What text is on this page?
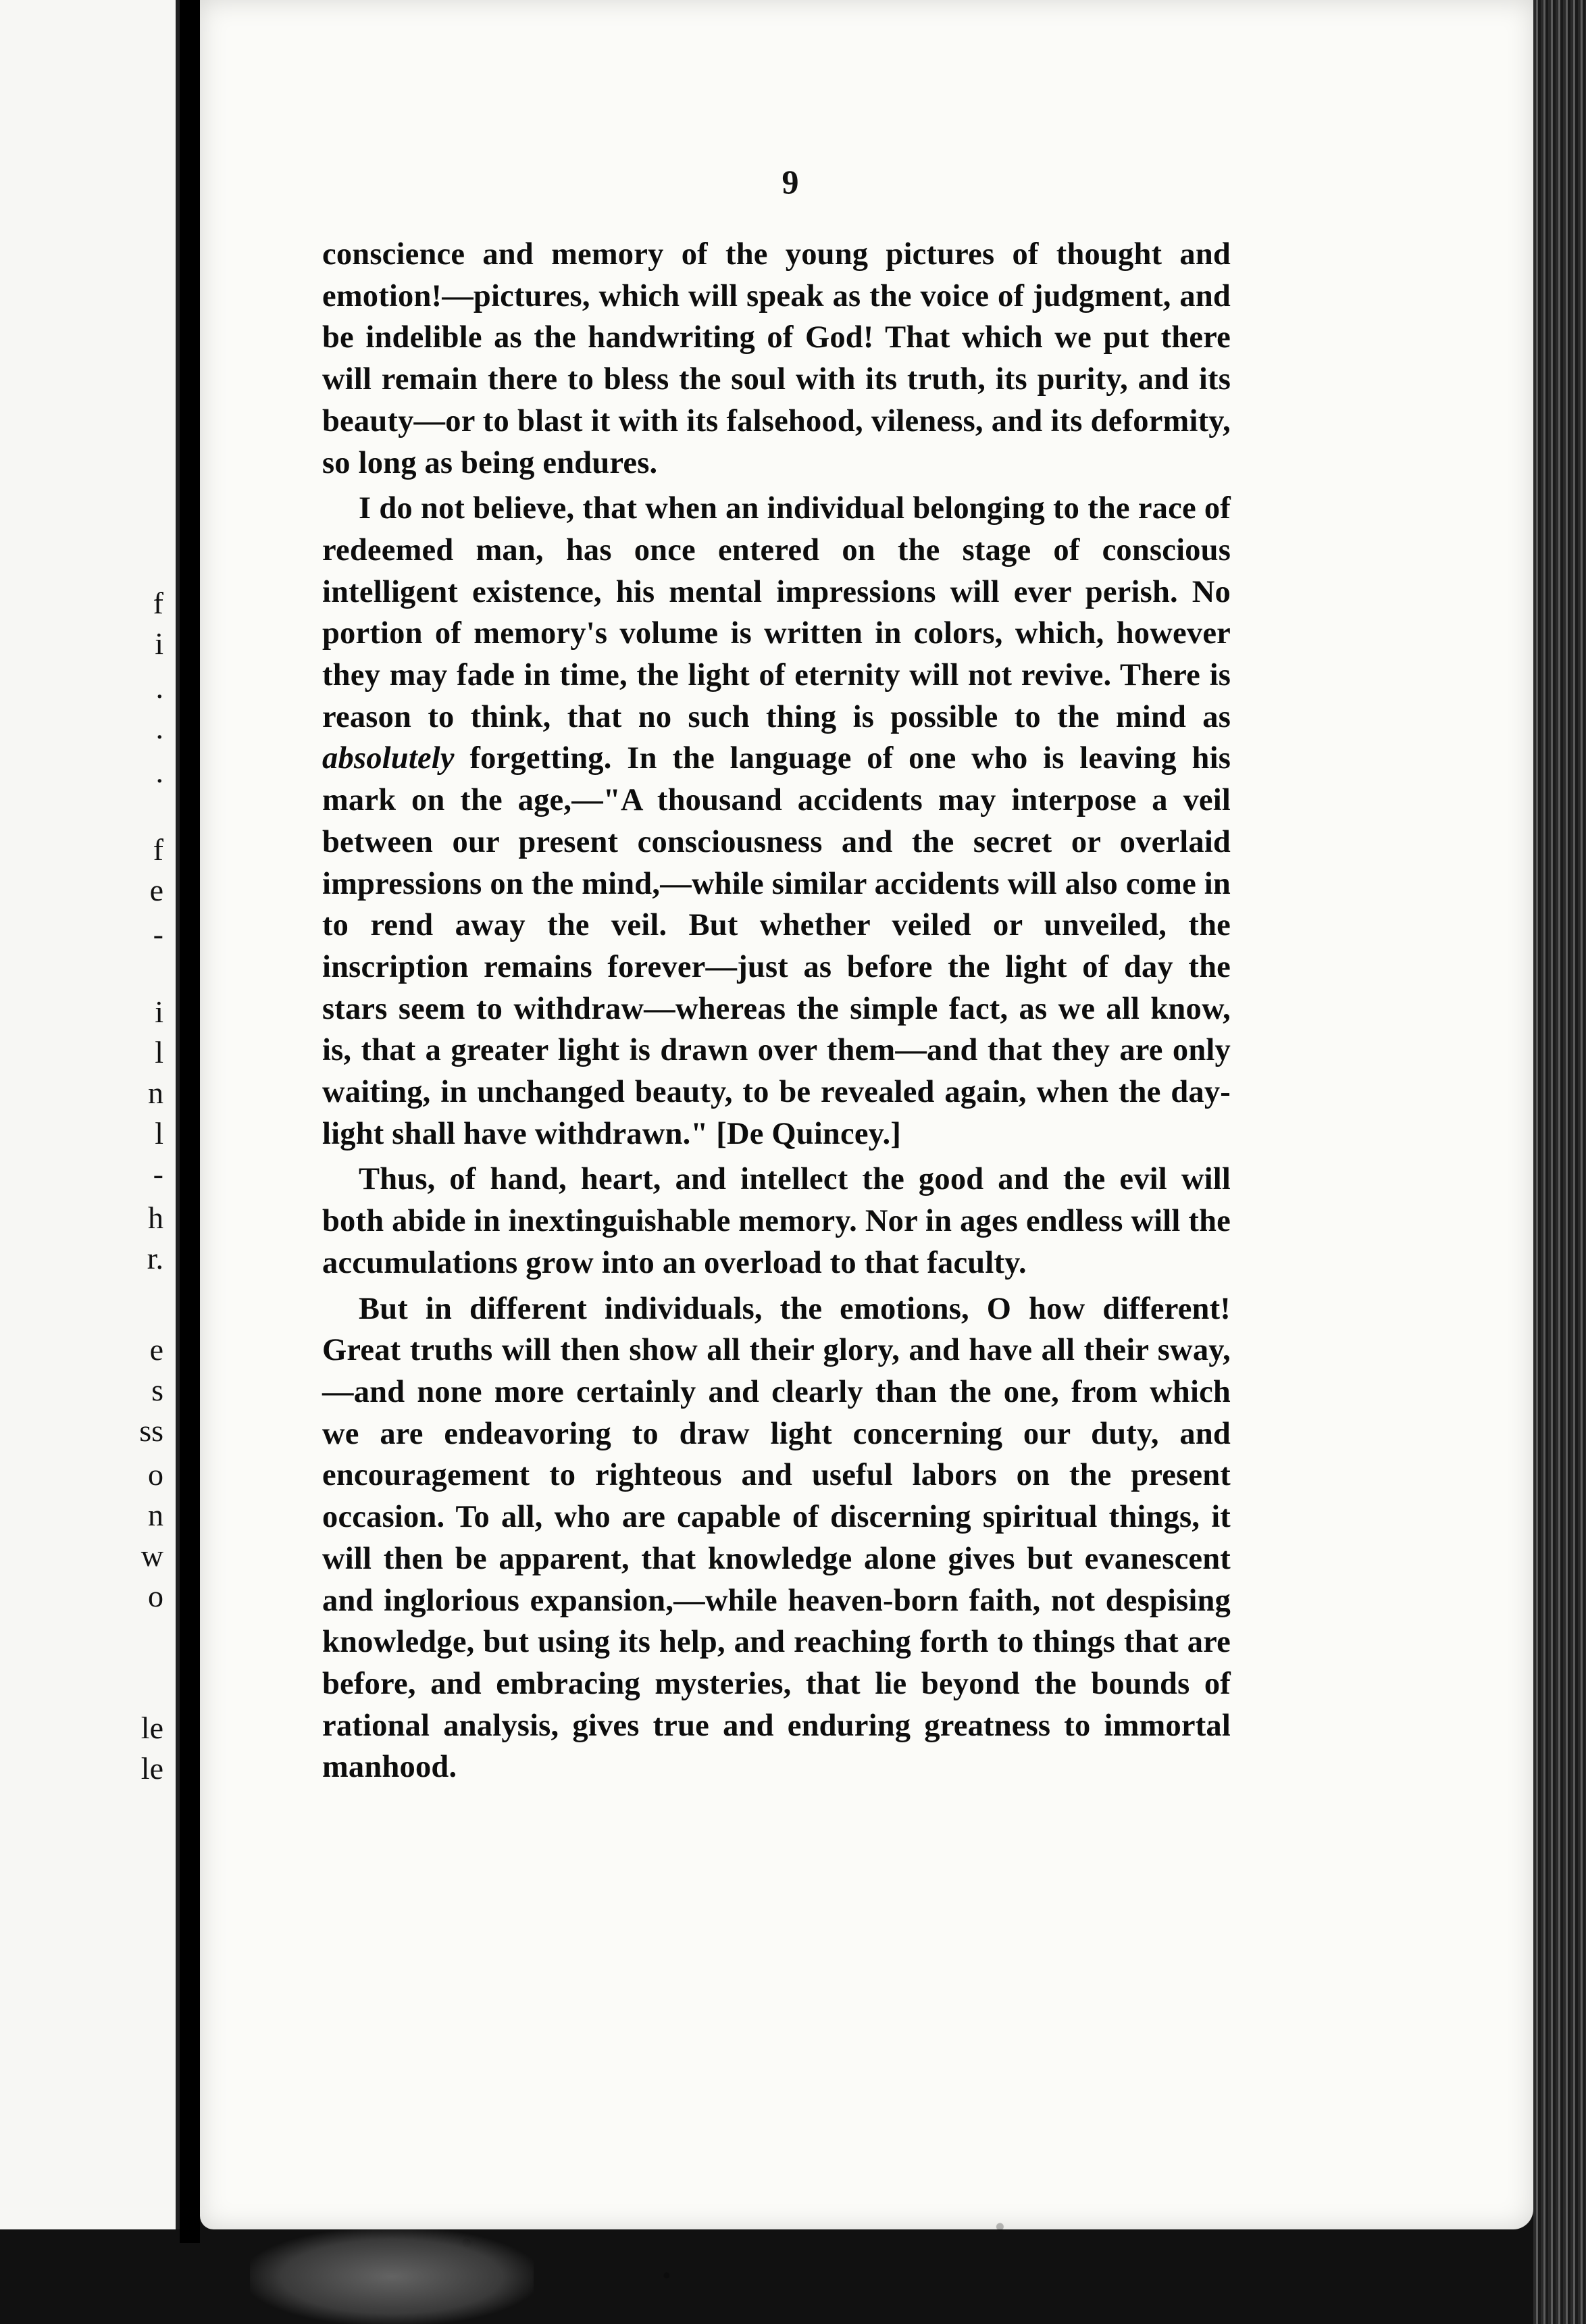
f
i
.
.
.
f
e
-
i
l
n
l
-
h
r.
e
s
ss
o
n
w
o
le
le
9

conscience and memory of the young pictures of thought and emotion!—pictures, which will speak as the voice of judgment, and be indelible as the handwriting of God! That which we put there will remain there to bless the soul with its truth, its purity, and its beauty—or to blast it with its falsehood, vileness, and its deformity, so long as being endures.

I do not believe, that when an individual belonging to the race of redeemed man, has once entered on the stage of conscious intelligent existence, his mental impressions will ever perish. No portion of memory's volume is written in colors, which, however they may fade in time, the light of eternity will not revive. There is reason to think, that no such thing is possible to the mind as absolutely forgetting. In the language of one who is leaving his mark on the age,—"A thousand accidents may interpose a veil between our present consciousness and the secret or overlaid impressions on the mind,—while similar accidents will also come in to rend away the veil. But whether veiled or unveiled, the inscription remains forever—just as before the light of day the stars seem to withdraw—whereas the simple fact, as we all know, is, that a greater light is drawn over them—and that they are only waiting, in unchanged beauty, to be revealed again, when the day-light shall have withdrawn." [De Quincey.]

Thus, of hand, heart, and intellect the good and the evil will both abide in inextinguishable memory. Nor in ages endless will the accumulations grow into an overload to that faculty.

But in different individuals, the emotions, O how different! Great truths will then show all their glory, and have all their sway,—and none more certainly and clearly than the one, from which we are endeavoring to draw light concerning our duty, and encouragement to righteous and useful labors on the present occasion. To all, who are capable of discerning spiritual things, it will then be apparent, that knowledge alone gives but evanescent and inglorious expansion,—while heaven-born faith, not despising knowledge, but using its help, and reaching forth to things that are before, and embracing mysteries, that lie beyond the bounds of rational analysis, gives true and enduring greatness to immortal manhood.
